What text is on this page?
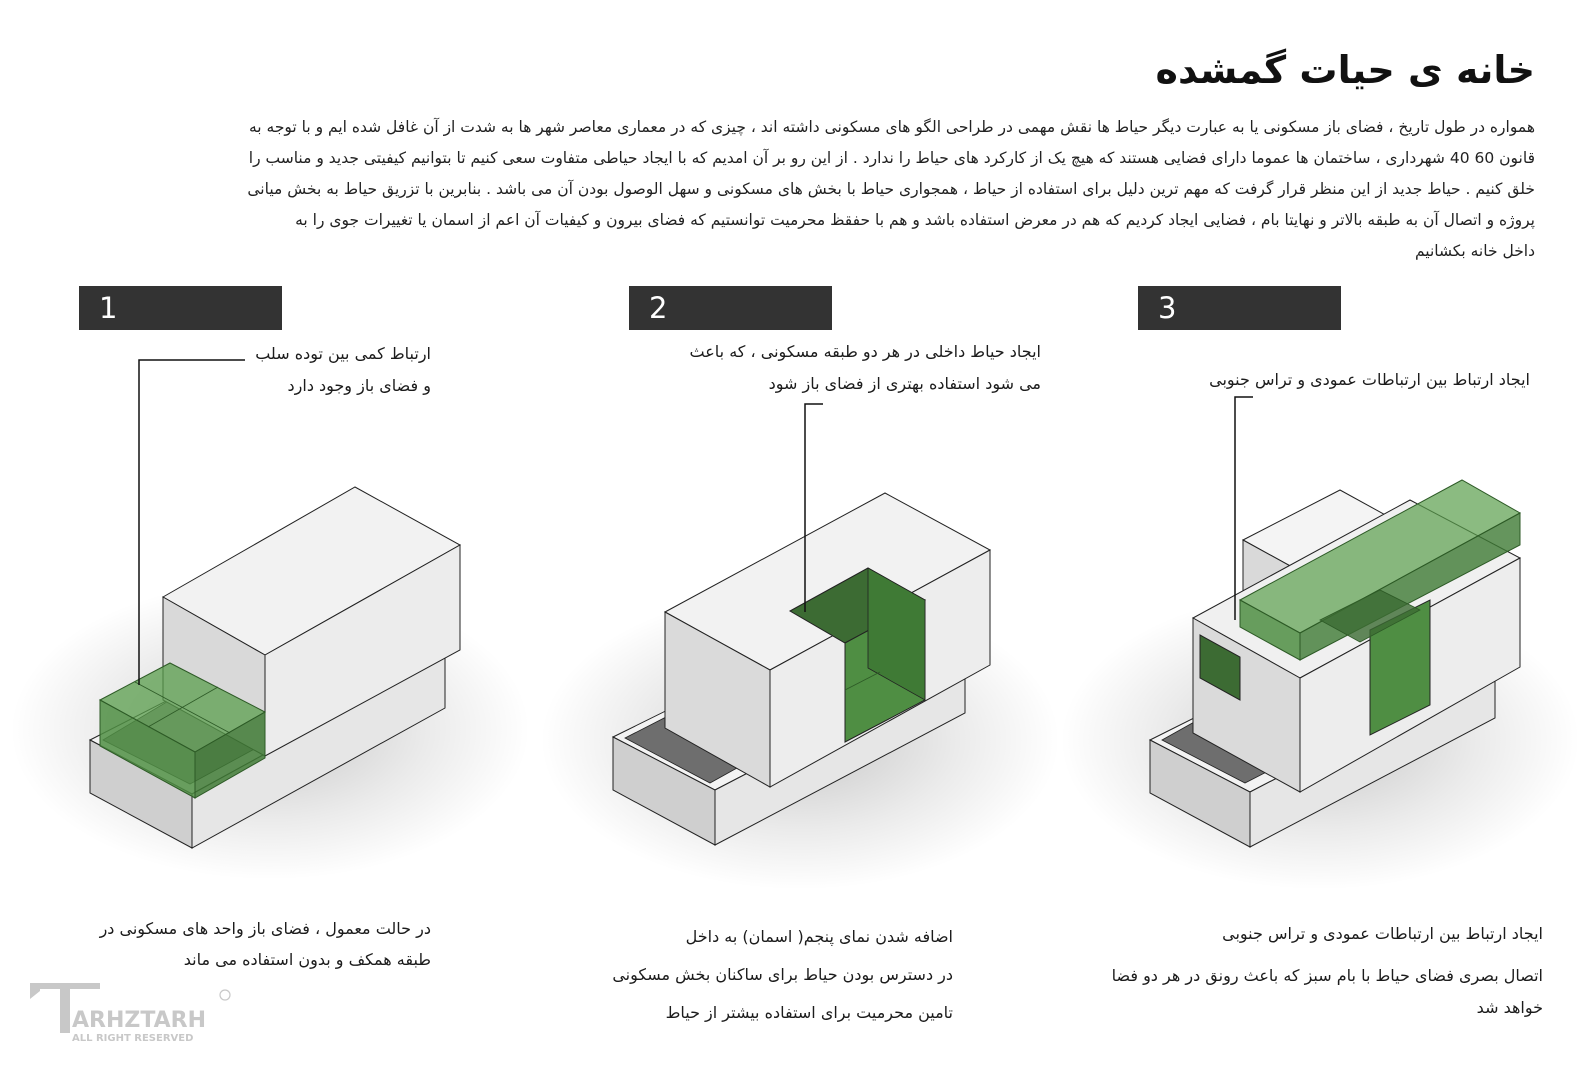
خانه ی حیات گمشده

همواره در طول تاریخ ، فضای باز مسکونی یا به عبارت دیگر حیاط ها نقش مهمی در طراحی الگو های مسکونی داشته اند ، چیزی که در معماری معاصر شهر ها به شدت از آن غافل شده ایم و با توجه به

قانون 60 40 شهرداری ، ساختمان ها عموما دارای فضایی هستند که هیچ یک از کارکرد های حیاط را ندارد . از این رو بر آن امدیم که با ایجاد حیاطی متفاوت سعی کنیم تا بتوانیم کیفیتی جدید و مناسب را

خلق کنیم . حیاط جدید از این منظر قرار گرفت که مهم ترین دلیل برای استفاده از حیاط ، همجواری حیاط با بخش های مسکونی و سهل الوصول بودن آن می باشد . بنابرین با تزریق حیاط به بخش میانی

پروژه و اتصال آن به طبقه بالاتر و نهایتا بام ، فضایی ایجاد کردیم که هم در معرض استفاده باشد و هم با حفقظ محرمیت توانستیم که فضای بیرون و کیفیات آن اعم از اسمان یا تغییرات جوی را به

داخل خانه بکشانیم

1	2	3
ارتباط کمی بین توده سلب
و فضای باز وجود دارد
ایجاد حیاط داخلی در هر دو طبقه مسکونی ، که باعث
می شود استفاده بهتری از فضای باز شود	ایجاد ارتباط بین ارتباطات عمودی و تراس جنوبی
در حالت معمول ، فضای باز واحد های مسکونی در
طبقه همکف و بدون استفاده می ماند
اضافه شدن نمای پنجم( اسمان) به داخل
در دسترس بودن حیاط برای ساکنان بخش مسکونی
تامین محرمیت برای استفاده بیشتر از حیاط
ایجاد ارتباط بین ارتباطات عمودی و تراس جنوبی
اتصال بصری فضای حیاط با بام سبز که باعث رونق در هر دو فضا
خواهد شد
ARHZTARH
ALL RIGHT RESERVED
